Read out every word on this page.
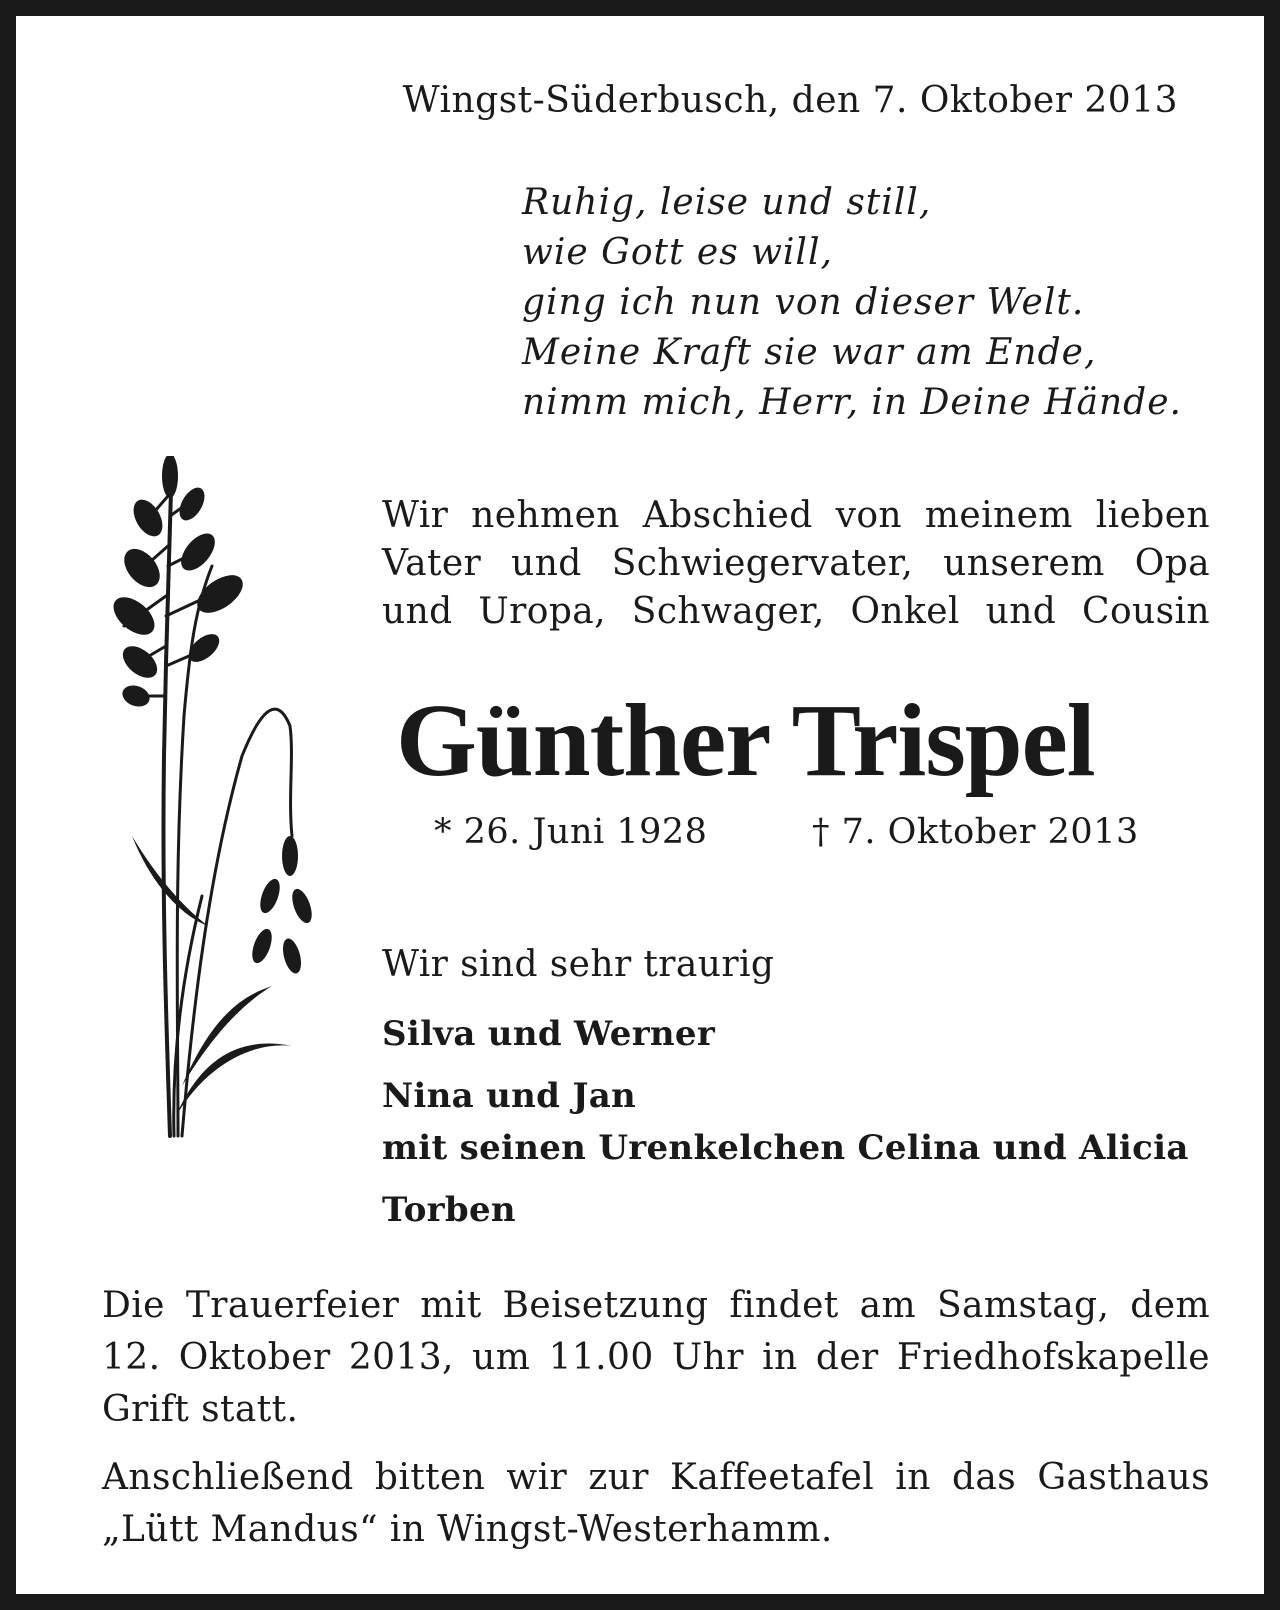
Wingst-Süderbusch, den 7. Oktober 2013
Ruhig, leise und still,
wie Gott es will,
ging ich nun von dieser Welt.
Meine Kraft sie war am Ende,
nimm mich, Herr, in Deine Hände.
Wir nehmen Abschied von meinem lieben
Vater und Schwiegervater, unserem Opa
und Uropa, Schwager, Onkel und Cousin
Günther Trispel
* 26. Juni 1928	† 7. Oktober 2013
Wir sind sehr traurig
Silva und Werner
Nina und Jan
mit seinen Urenkelchen Celina und Alicia
Torben
Die Trauerfeier mit Beisetzung findet am Samstag, dem
12. Oktober 2013, um 11.00 Uhr in der Friedhofskapelle
Grift statt.
Anschließend bitten wir zur Kaffeetafel in das Gasthaus
„Lütt Mandus“ in Wingst-Westerhamm.
